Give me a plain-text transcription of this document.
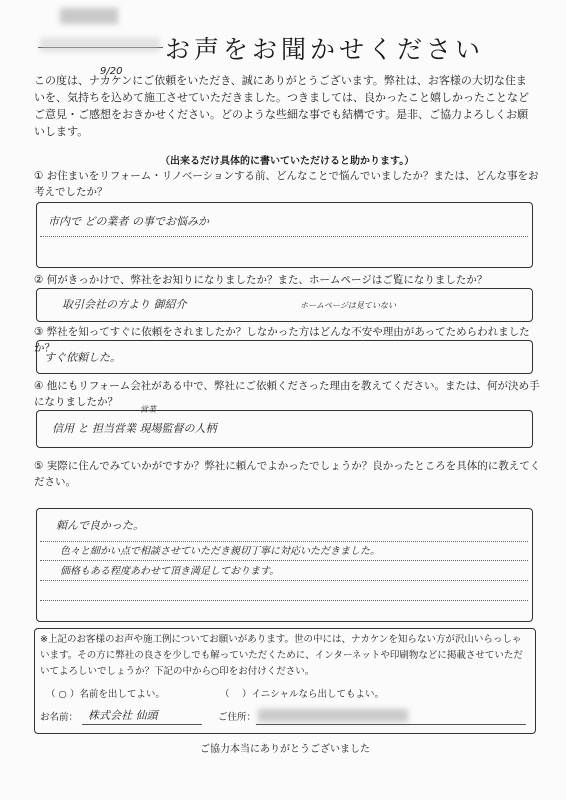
お声をお聞かせください
9/20
この度は、ナカケンにご依頼をいただき、誠にありがとうございます。弊社は、お客様の大切な住まいを、気持ちを込めて施工させていただきました。つきましては、良かったこと嬉しかったことなどご意見・ご感想をおきかせください。どのような些細な事でも結構です。是非、ご協力よろしくお願いします。
（出来るだけ具体的に書いていただけると助かります。）
① お住まいをリフォーム・リノベーションする前、どんなことで悩んでいましたか？または、どんな事をお考えでしたか？
市内で どの業者 の事でお悩みか
② 何がきっかけで、弊社をお知りになりましたか？また、ホームページはご覧になりましたか？
取引会社の方より 御紹介	ホームページは見ていない
③ 弊社を知ってすぐに依頼をされましたか？しなかった方はどんな不安や理由があってためらわれましたか？
すぐ依頼した。
④ 他にもリフォーム会社がある中で、弊社にご依頼くださった理由を教えてください。または、何が決め手になりましたか？
営業
信用 と 担当営業 現場監督の人柄
⑤ 実際に住んでみていかがですか？弊社に頼んでよかったでしょうか？良かったところを具体的に教えてください。
頼んで良かった。
色々と細かい点で相談させていただき親切丁寧に対応いただきました。
価格もある程度あわせて頂き満足しております。
※上記のお客様のお声や施工例についてお願いがあります。世の中には、ナカケンを知らない方が沢山いらっしゃいます。その方に弊社の良さを少しでも解っていただくために、インターネットや印刷物などに掲載させていただいてよろしいでしょうか？下記の中から○印をお付けください。
（ ○ ）名前を出してよい。	（　 ）イニシャルなら出してもよい。
お名前： 株式会社 仙頭	ご住所：
ご協力本当にありがとうございました
